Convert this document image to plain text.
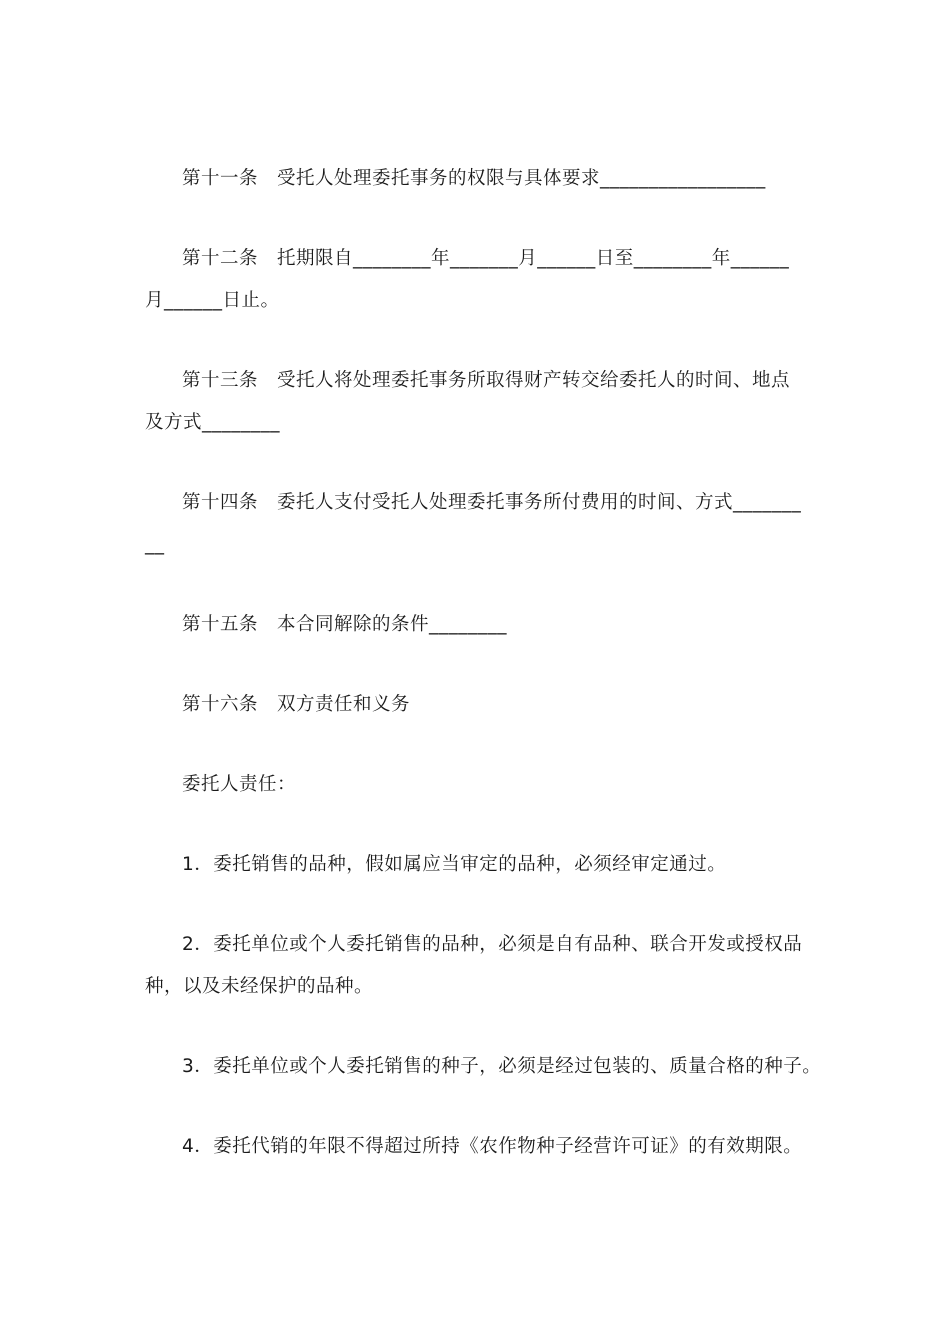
第十一条　受托人处理委托事务的权限与具体要求_________________
第十二条　托期限自________年_______月______日至________年______
月______日止。
第十三条　受托人将处理委托事务所取得财产转交给委托人的时间、地点
及方式________
第十四条　委托人支付受托人处理委托事务所付费用的时间、方式_______
__
第十五条　本合同解除的条件________
第十六条　双方责任和义务
委托人责任：
1．委托销售的品种，假如属应当审定的品种，必须经审定通过。
2．委托单位或个人委托销售的品种，必须是自有品种、联合开发或授权品
种，以及未经保护的品种。
3．委托单位或个人委托销售的种子，必须是经过包装的、质量合格的种子。
4．委托代销的年限不得超过所持《农作物种子经营许可证》的有效期限。
